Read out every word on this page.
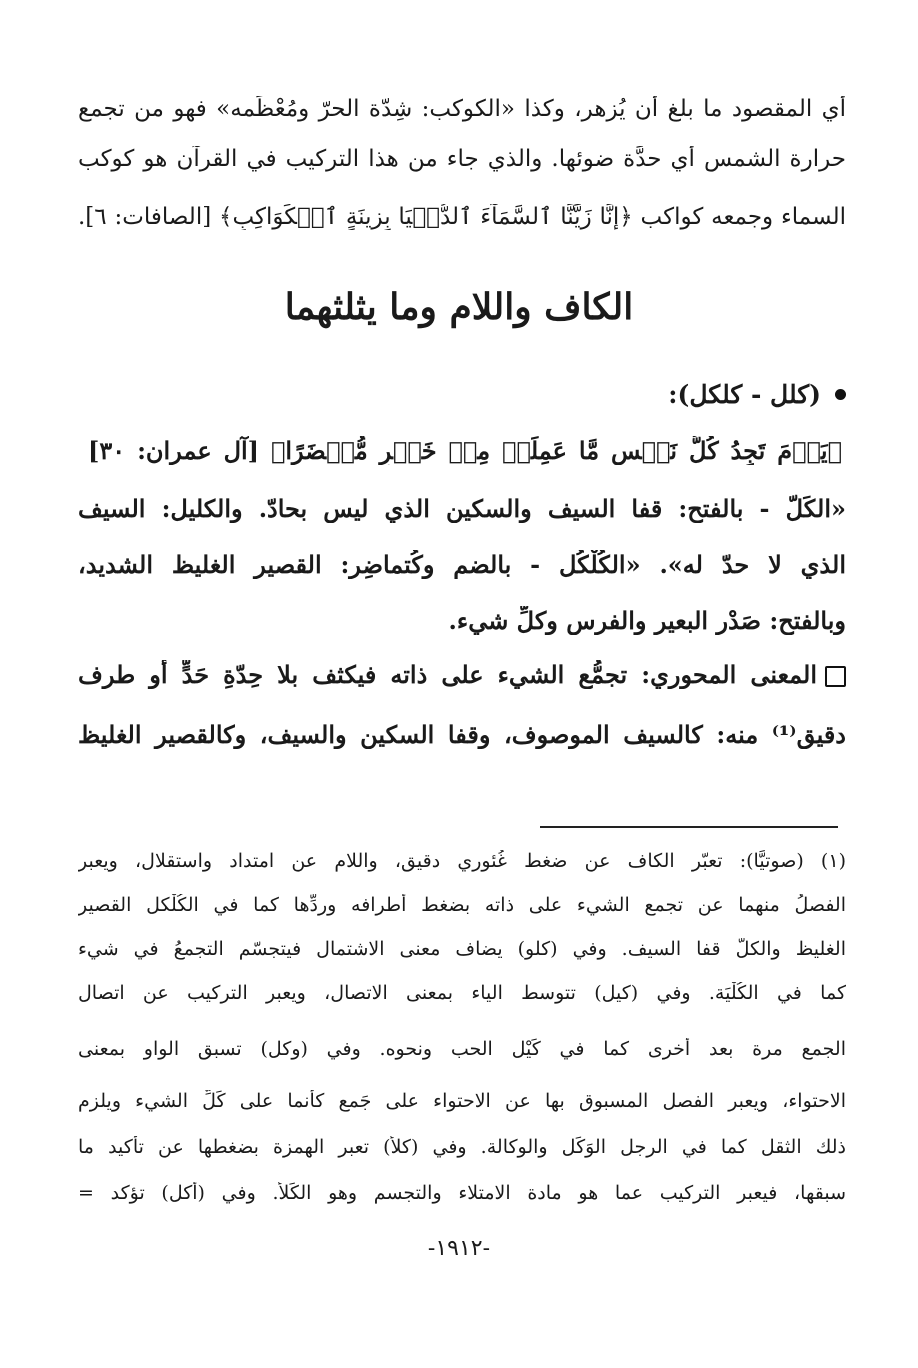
أي المقصود ما بلغ أن يُزهر، وكذا «الكوكب: شِدّة الحرّ ومُعْظَمه» فهو من تجمع
حرارة الشمس أي حدَّة ضوئها. والذي جاء من هذا التركيب في القرآن هو كوكب
السماء وجمعه كواكب ﴿إِنَّا زَيَّنَّا ٱلسَّمَآءَ ٱلدُّنۡيَا بِزِينَةٍ ٱلۡكَوَاكِبِ﴾ [الصافات: ٦].
الكاف واللام وما يثلثهما
(كلل - كلكل):
﴿يَوۡمَ تَجِدُ كُلُّ نَفۡسٍ مَّا عَمِلَتۡ مِنۡ خَيۡرٍ مُّحۡضَرًا﴾ [آل عمران: ٣٠]
«الكَلّ - بالفتح: قفا السيف والسكين الذي ليس بحادّ. والكليل: السيف
الذي لا حدّ له». «الكُلْكُل - بالضم وكُتماضِر: القصير الغليظ الشديد،
وبالفتح: صَدْر البعير والفرس وكلِّ شيء.
المعنى المحوري: تجمُّع الشيء على ذاته فيكثف بلا حِدّةِ حَدٍّ أو طرف
دقيق⁽¹⁾ منه: كالسيف الموصوف، وقفا السكين والسيف، وكالقصير الغليظ
(١) (صوتيًّا): تعبّر الكاف عن ضغط غُئوري دقيق، واللام عن امتداد واستقلال، ويعبر
الفصلُ منهما عن تجمع الشيء على ذاته بضغط أطرافه وردِّها كما في الكُلْكل القصير
الغليظ والكلّ قفا السيف. وفي (كلو) يضاف معنى الاشتمال فيتجسّم التجمعُ في شيء
كما في الكُلْيَة. وفي (كيل) تتوسط الياء بمعنى الاتصال، ويعبر التركيب عن اتصال
الجمع مرة بعد أخرى كما في كَيْل الحب ونحوه. وفي (وكل) تسبق الواو بمعنى
الاحتواء، ويعبر الفصل المسبوق بها عن الاحتواء على جَمع كأنما على كَلِّ الشيء ويلزم
ذلك الثقل كما في الرجل الوَكَل والوكالة. وفي (كلأ) تعبر الهمزة بضغطها عن تأكيد ما
سبقها، فيعبر التركيب عما هو مادة الامتلاء والتجسم وهو الكَلأ. وفي (أكل) تؤكد =
-١٩١٢-
